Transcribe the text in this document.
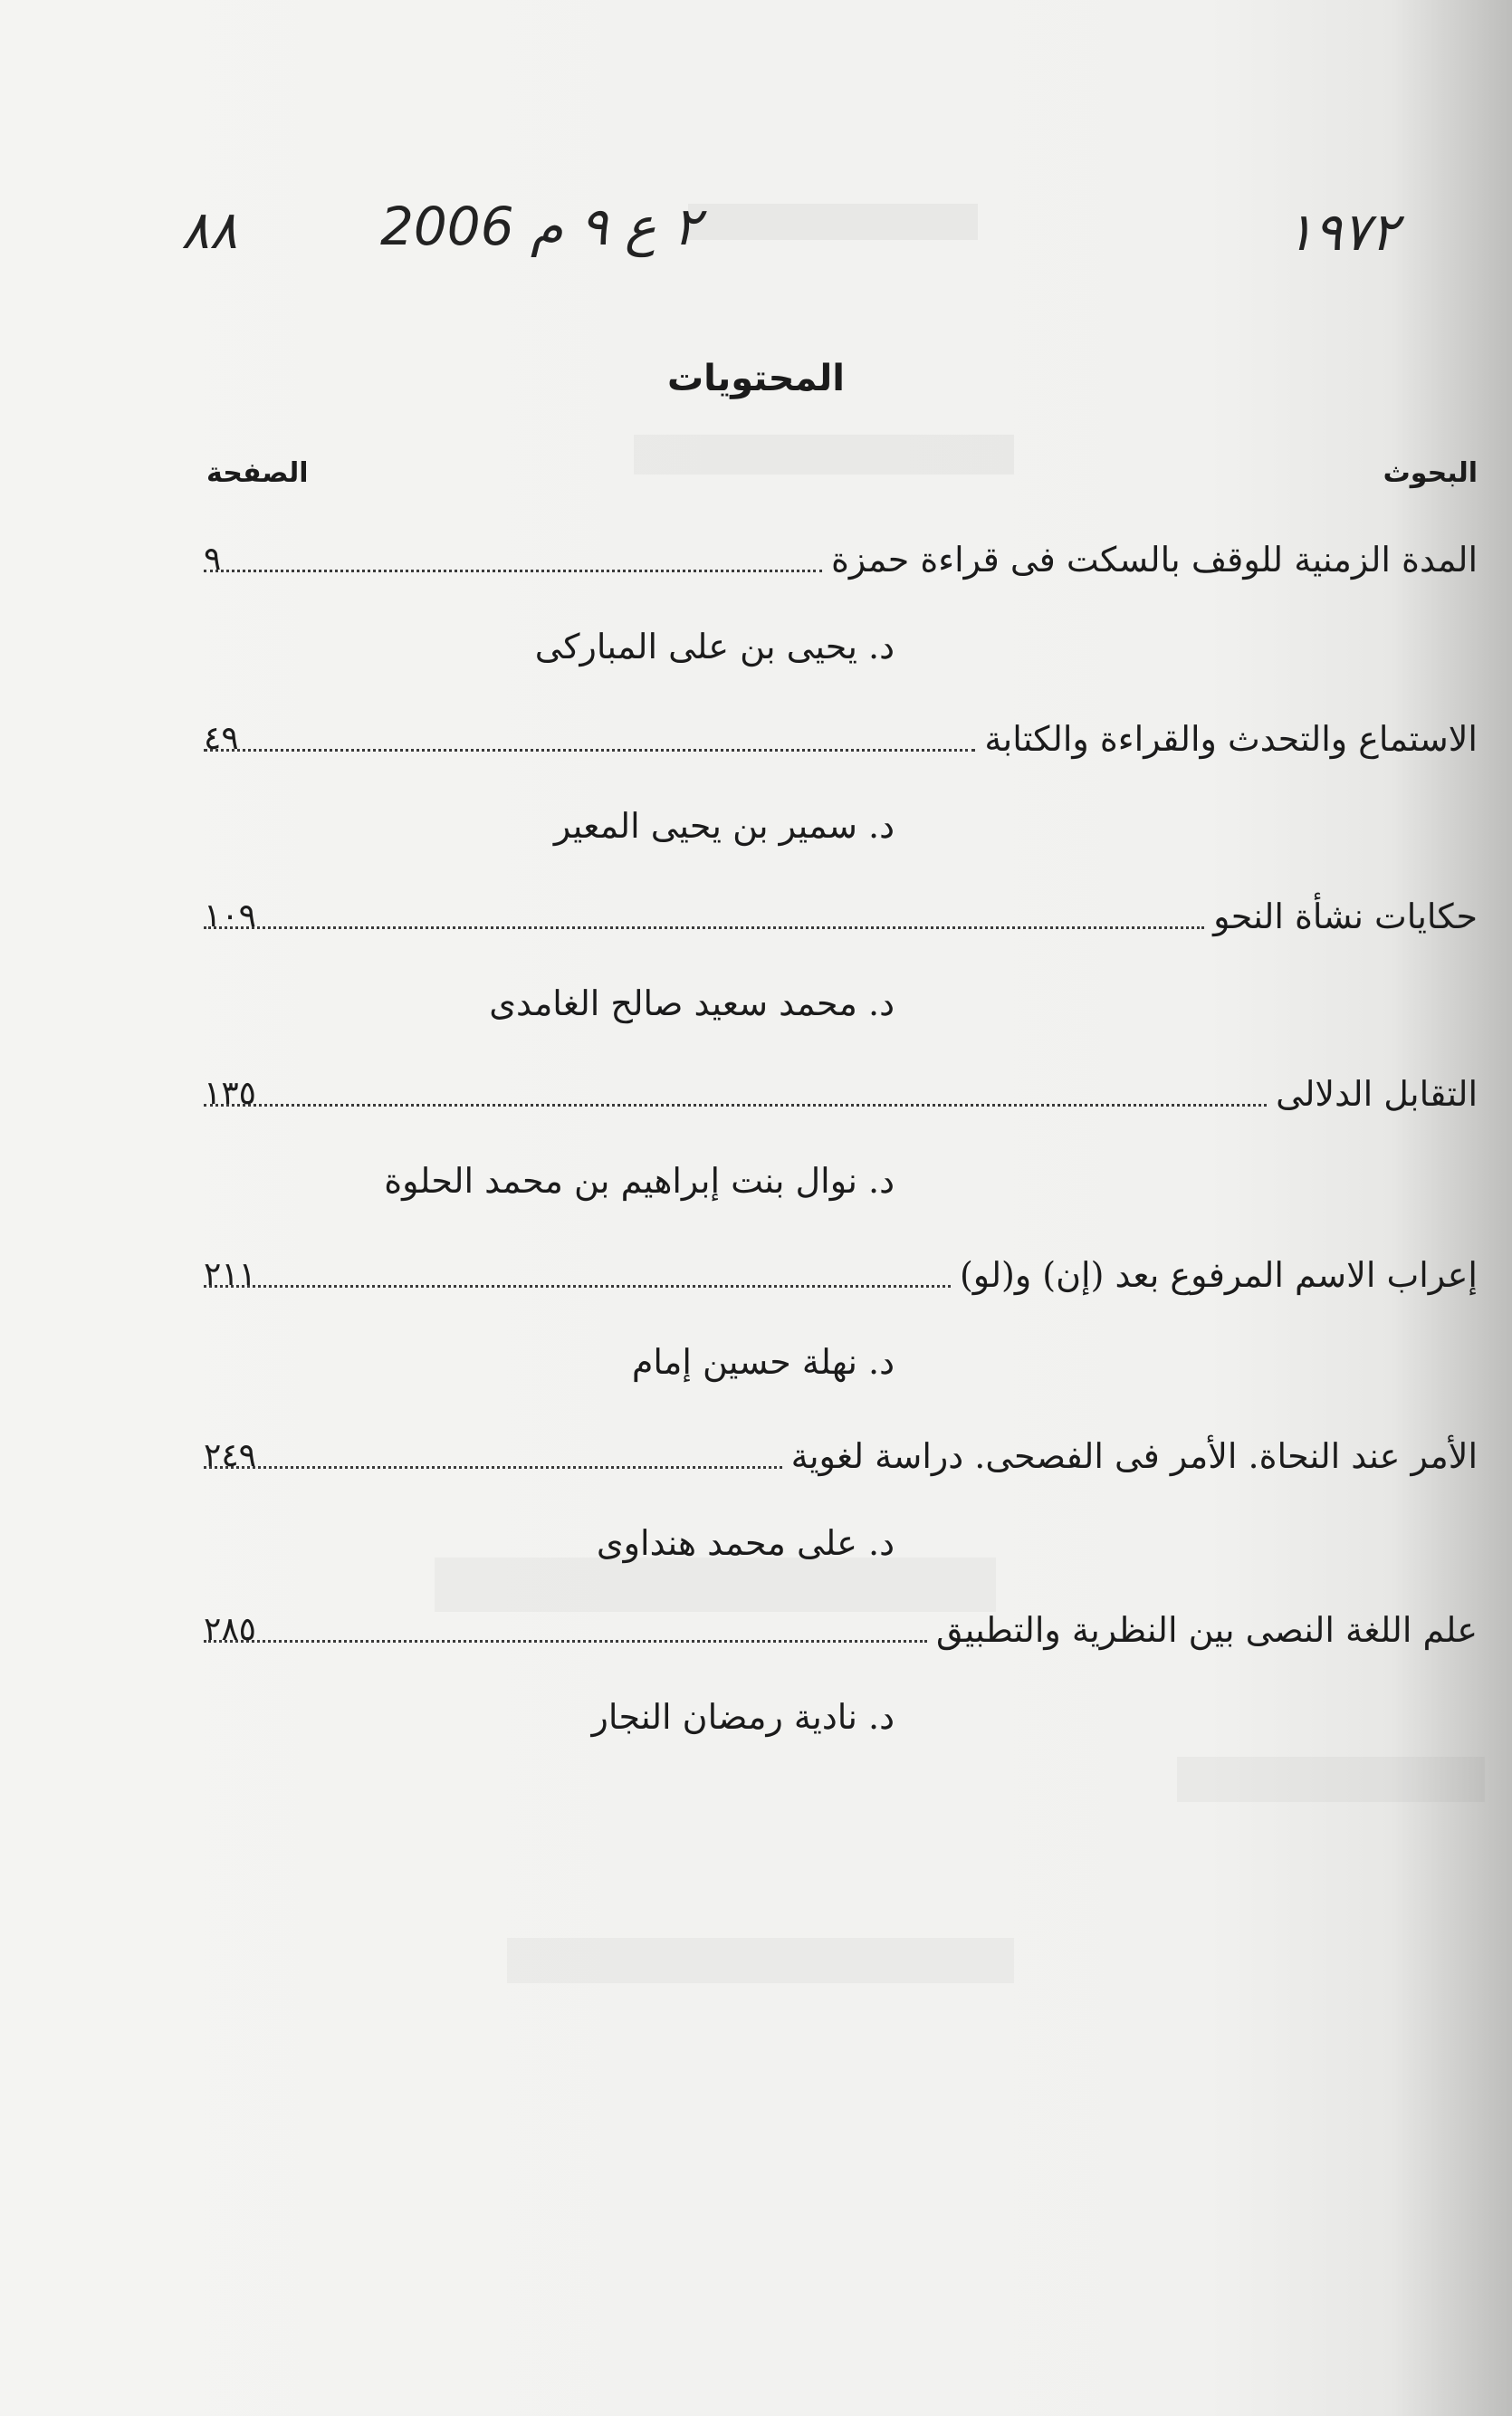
٨٨	٢ ع ٩ م 2006	١٩٧٢
المحتويات
البحوث
الصفحة
المدة الزمنية للوقف بالسكت فى قراءة حمزة
٩
د. يحيى بن على المباركى
الاستماع والتحدث والقراءة والكتابة
٤٩
د. سمير بن يحيى المعير
حكايات نشأة النحو
١٠٩
د. محمد سعيد صالح الغامدى
التقابل الدلالى
١٣٥
د. نوال بنت إبراهيم بن محمد الحلوة
إعراب الاسم المرفوع بعد (إن) و(لو)
٢١١
د. نهلة حسين إمام
الأمر عند النحاة. الأمر فى الفصحى. دراسة لغوية
٢٤٩
د. على محمد هنداوى
علم اللغة النصى بين النظرية والتطبيق
٢٨٥
د. نادية رمضان النجار
